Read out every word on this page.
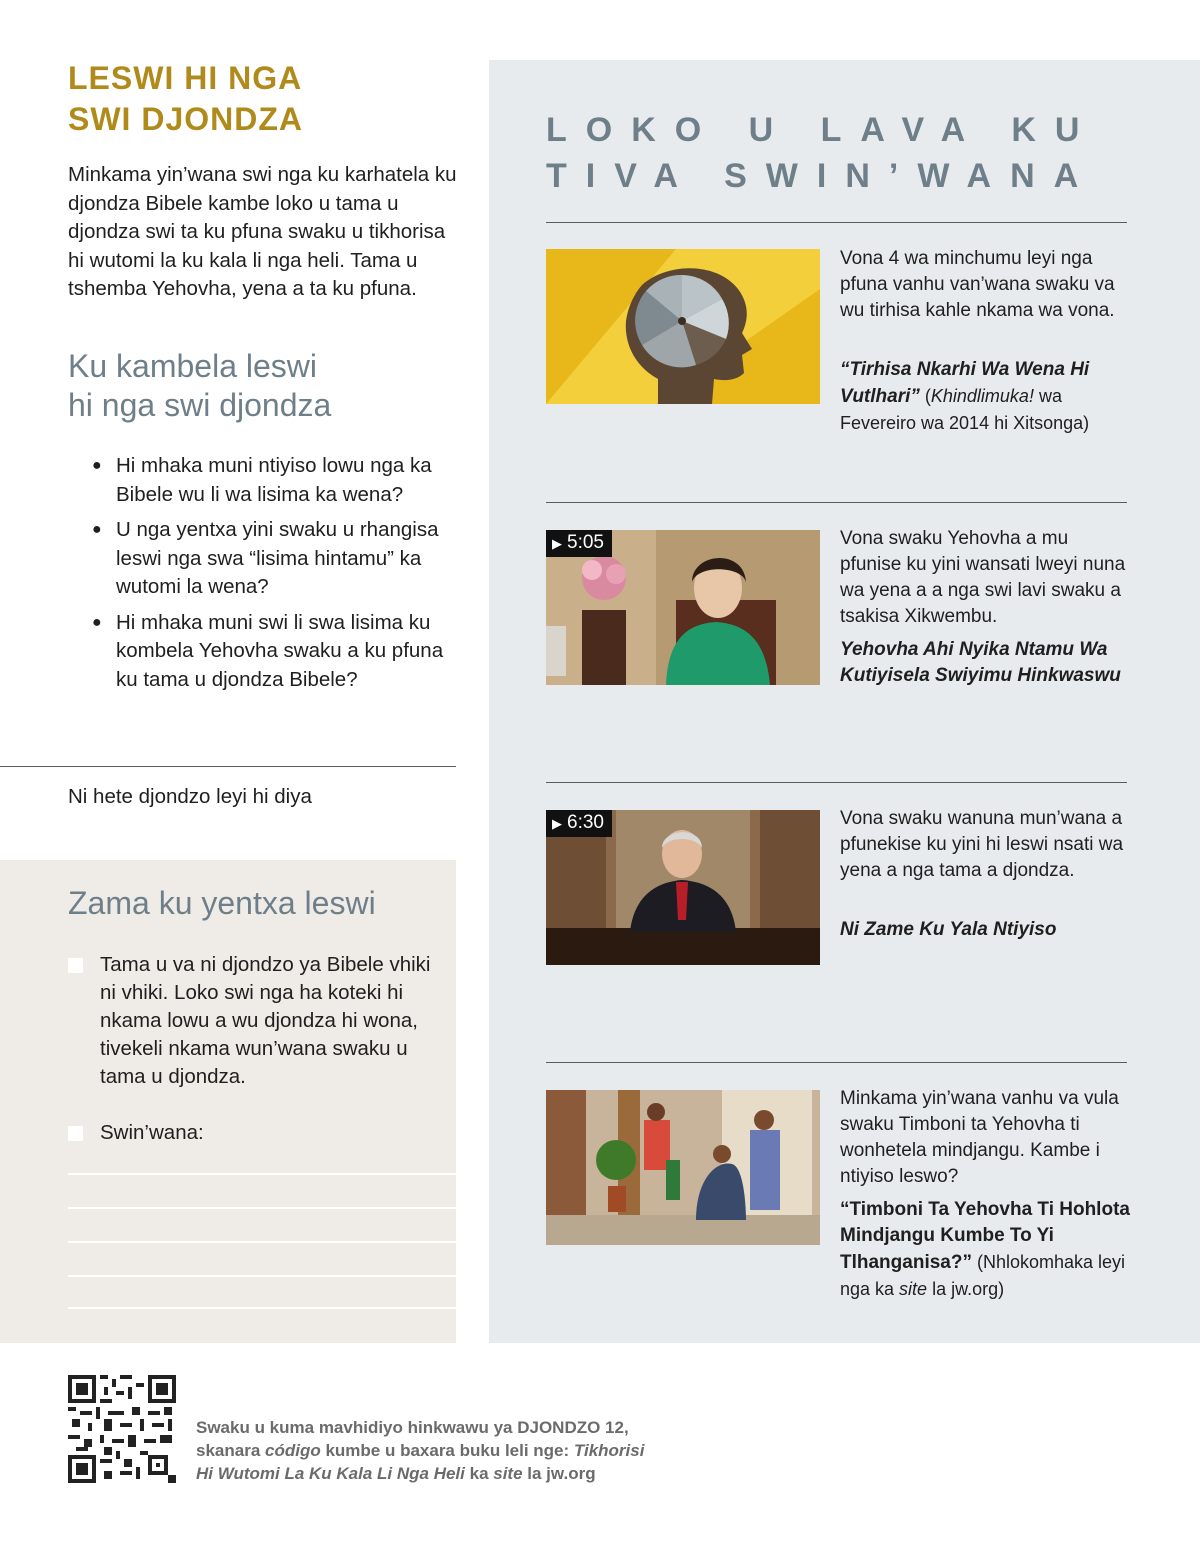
LESWI HI NGA
SWI DJONDZA

Minkama yin’wana swi nga ku karhatela ku djondza Bibele kambe loko u tama u djondza swi ta ku pfuna swaku u tikhorisa hi wutomi la ku kala li nga heli. Tama u tshemba Yehovha, yena a ta ku pfuna.

Ku kambela leswi
hi nga swi djondza
● Hi mhaka muni ntiyiso lowu nga ka Bibele wu li wa lisima ka wena?
● U nga yentxa yini swaku u rhangisa leswi nga swa “lisima hintamu” ka wutomi la wena?
● Hi mhaka muni swi li swa lisima ku kombela Yehovha swaku a ku pfuna ku tama u djondza Bibele?
Ni hete djondzo leyi hi diya
Zama ku yentxa leswi
Tama u va ni djondzo ya Bibele vhiki ni vhiki. Loko swi nga ha koteki hi nkama lowu a wu djondza hi wona, tivekeli nkama wun’wana swaku u tama u djondza.
Swin’wana:
LOKO U LAVA KU
TIVA SWIN’WANA
Vona 4 wa minchumu leyi nga pfuna vanhu van’wana swaku va wu tirhisa kahle nkama wa vona.
“Tirhisa Nkarhi Wa Wena Hi Vutlhari” (Khindlimuka! wa Fevereiro wa 2014 hi Xitsonga)
▶ 5:05	Vona swaku Yehovha a mu pfunise ku yini wansati lweyi nuna wa yena a a nga swi lavi swaku a tsakisa Xikwembu.
Yehovha Ahi Nyika Ntamu Wa Kutiyisela Swiyimu Hinkwaswu
▶ 6:30	Vona swaku wanuna mun’wana a pfunekise ku yini hi leswi nsati wa yena a nga tama a djondza.
Ni Zame Ku Yala Ntiyiso
Minkama yin’wana vanhu va vula swaku Timboni ta Yehovha ti wonhetela mindjangu. Kambe i ntiyiso leswo?
“Timboni Ta Yehovha Ti Hohlota Mindjangu Kumbe To Yi Tlhanganisa?” (Nhlokomhaka leyi nga ka site la jw.org)
Swaku u kuma mavhidiyo hinkwawu ya DJONDZO 12,
skanara código kumbe u baxara buku leli nge: Tikhorisi
Hi Wutomi La Ku Kala Li Nga Heli ka site la jw.org
